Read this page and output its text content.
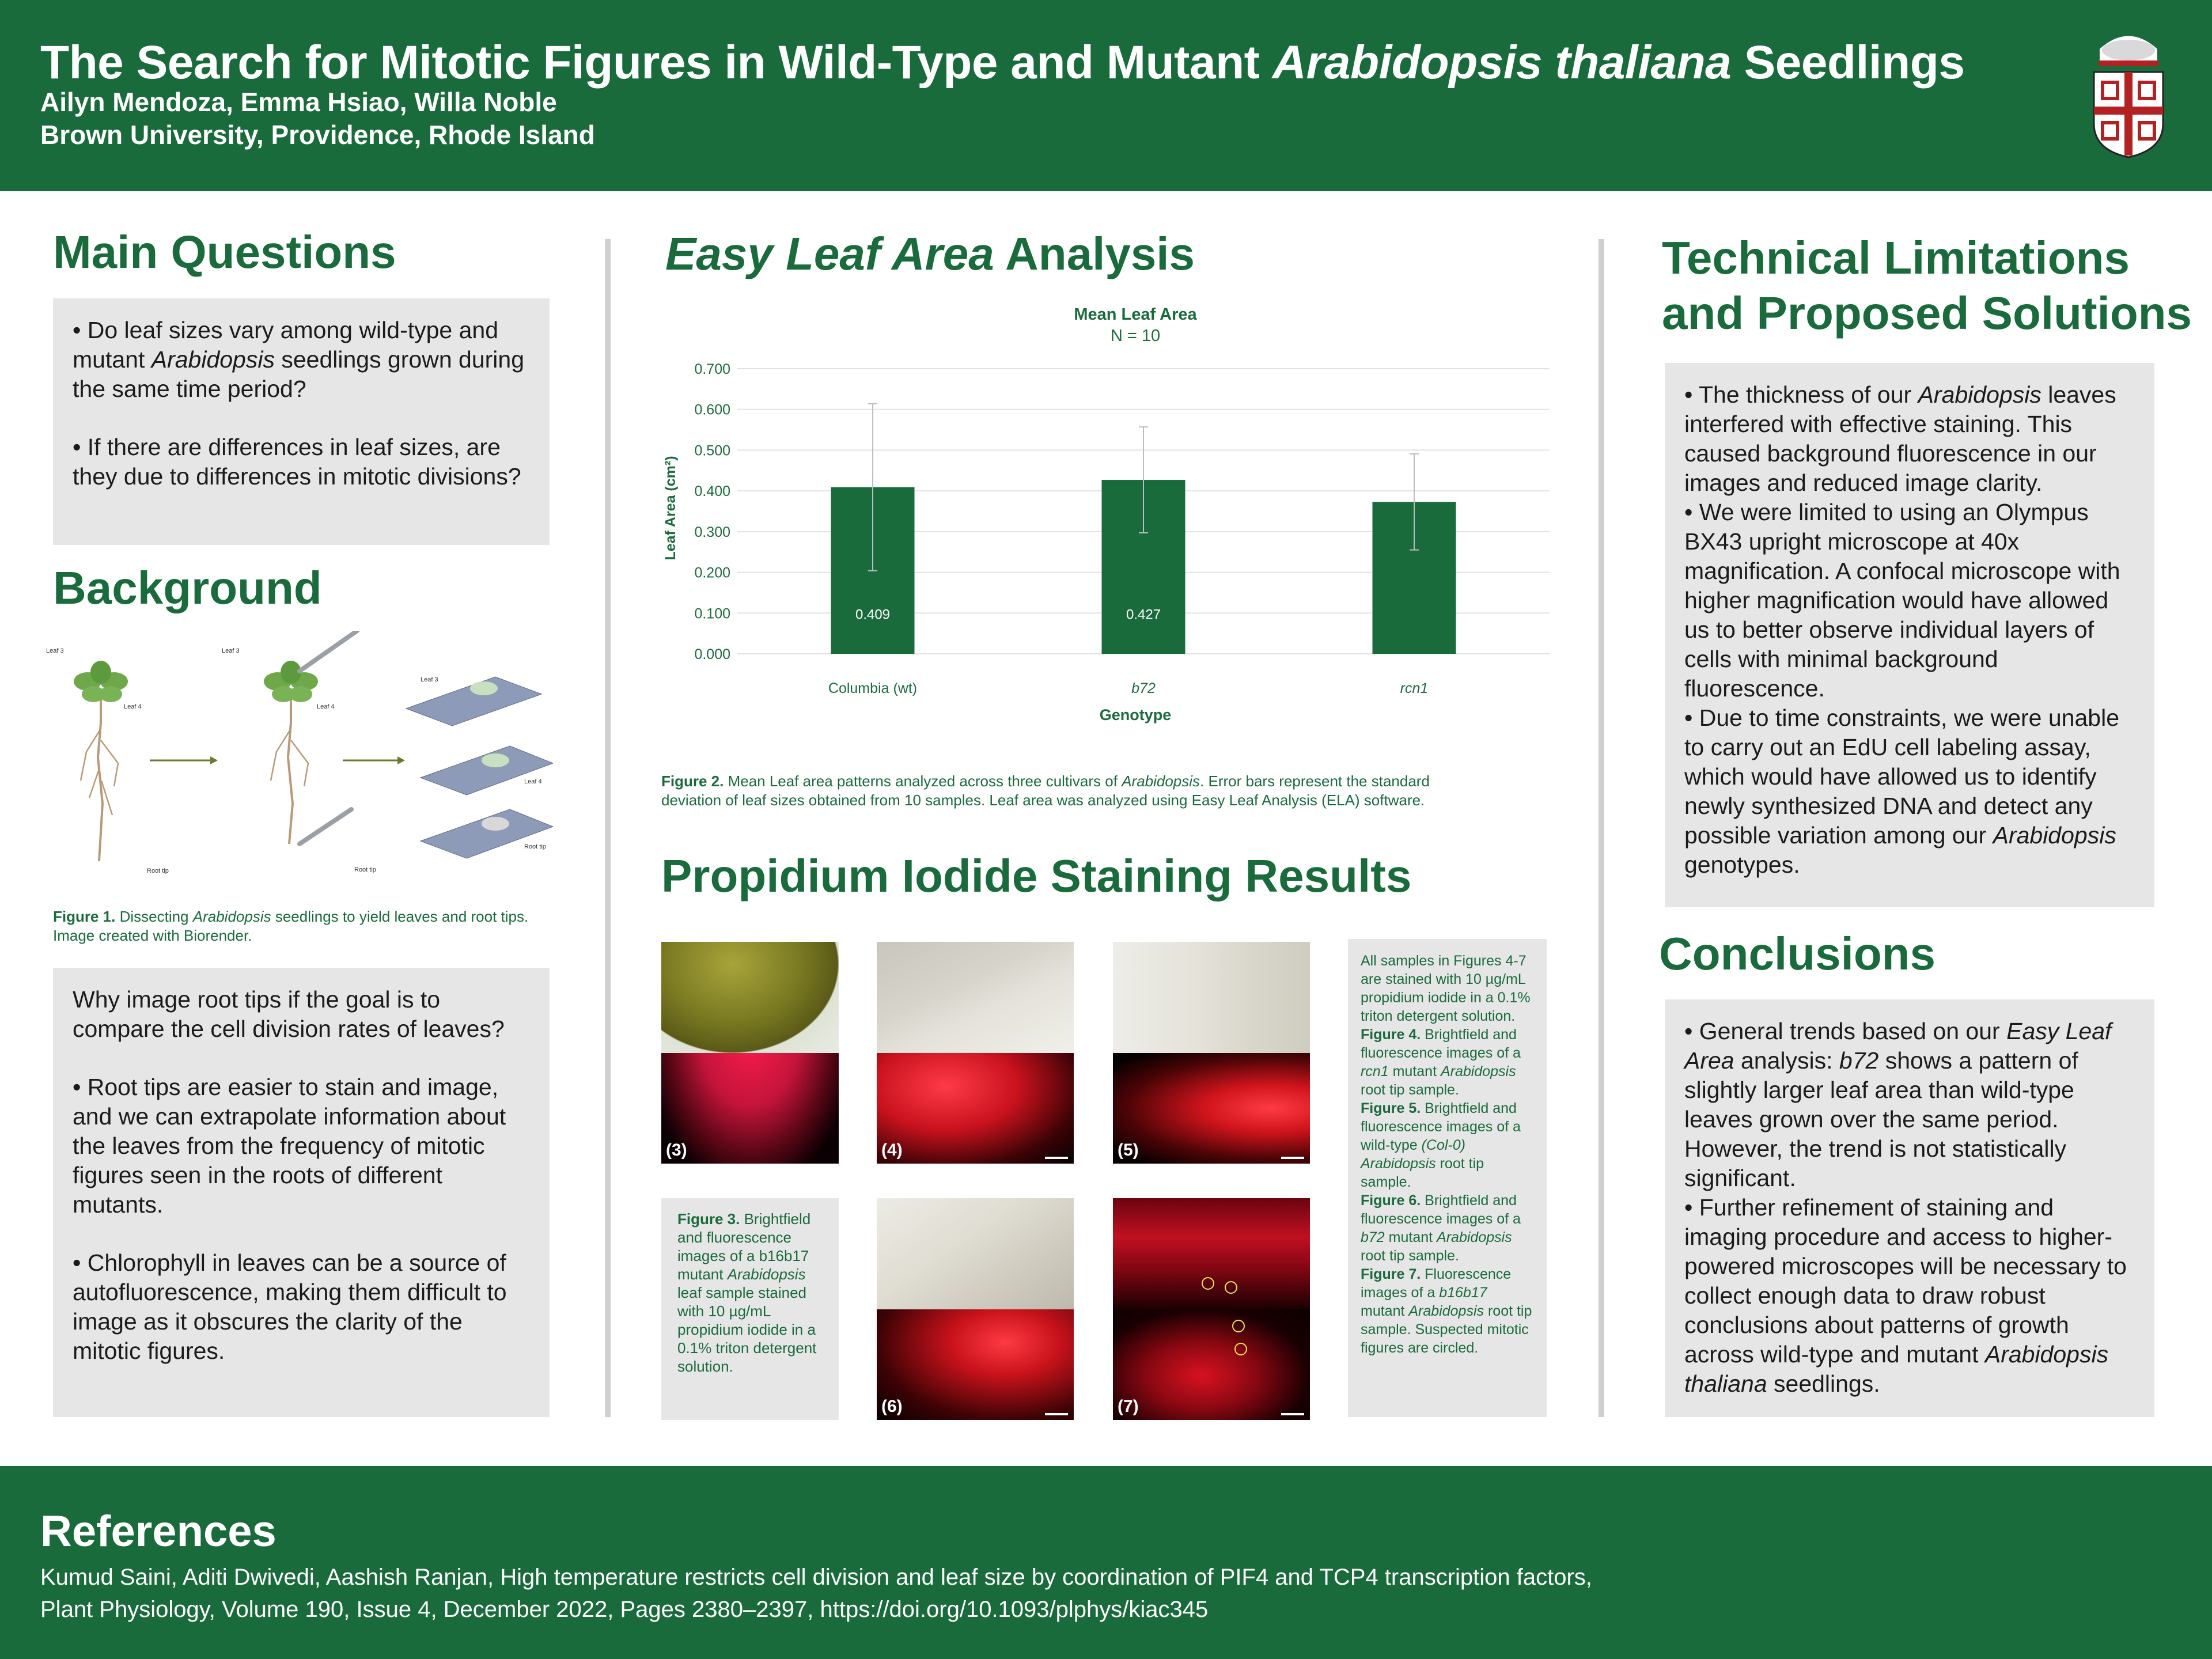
The Search for Mitotic Figures in Wild-Type and Mutant Arabidopsis thaliana Seedlings
Ailyn Mendoza, Emma Hsiao, Willa Noble
Brown University, Providence, Rhode Island
Main Questions

• Do leaf sizes vary among wild-type and mutant Arabidopsis seedlings grown during the same time period?

• If there are differences in leaf sizes, are they due to differences in mitotic divisions?

Background
Leaf 3
Leaf 4
Root tip
Leaf 3
Leaf 4
Root tip
Leaf 3
Leaf 4
Root tip
Figure 1. Dissecting Arabidopsis seedlings to yield leaves and root tips. Image created with Biorender.

Why image root tips if the goal is to compare the cell division rates of leaves?

• Root tips are easier to stain and image, and we can extrapolate information about the leaves from the frequency of mitotic figures seen in the roots of different mutants.

• Chlorophyll in leaves can be a source of autofluorescence, making them difficult to image as it obscures the clarity of the mitotic figures.

Easy Leaf Area Analysis
Mean Leaf Area
N = 10
Genotype
Leaf Area (cm²)
0.000
0.100
0.200
0.300
0.400
0.500
0.600
0.700
0.409
Columbia (wt)
0.427
b72	rcn1
Figure 2. Mean Leaf area patterns analyzed across three cultivars of Arabidopsis. Error bars represent the standard deviation of leaf sizes obtained from 10 samples. Leaf area was analyzed using Easy Leaf Analysis (ELA) software.
Propidium Iodide Staining Results
(3)	(4)	(5)
(6)	(7)
Figure 3. Brightfield and fluorescence images of a b16b17 mutant Arabidopsis leaf sample stained with 10 µg/mL propidium iodide in a 0.1% triton detergent solution.

All samples in Figures 4-7 are stained with 10 µg/mL propidium iodide in a 0.1% triton detergent solution.

Figure 4. Brightfield and fluorescence images of a rcn1 mutant Arabidopsis root tip sample.

Figure 5. Brightfield and fluorescence images of a wild-type (Col-0) Arabidopsis root tip sample.

Figure 6. Brightfield and fluorescence images of a b72 mutant Arabidopsis root tip sample.

Figure 7. Fluorescence images of a b16b17 mutant Arabidopsis root tip sample. Suspected mitotic figures are circled.

Technical Limitations
and Proposed Solutions

• The thickness of our Arabidopsis leaves interfered with effective staining. This caused background fluorescence in our images and reduced image clarity.

• We were limited to using an Olympus BX43 upright microscope at 40x magnification. A confocal microscope with higher magnification would have allowed us to better observe individual layers of cells with minimal background fluorescence.

• Due to time constraints, we were unable to carry out an EdU cell labeling assay, which would have allowed us to identify newly synthesized DNA and detect any possible variation among our Arabidopsis genotypes.

Conclusions

• General trends based on our Easy Leaf Area analysis: b72 shows a pattern of slightly larger leaf area than wild-type leaves grown over the same period. However, the trend is not statistically significant.

• Further refinement of staining and imaging procedure and access to higher-powered microscopes will be necessary to collect enough data to draw robust conclusions about patterns of growth across wild-type and mutant Arabidopsis thaliana seedlings.

References
Kumud Saini, Aditi Dwivedi, Aashish Ranjan, High temperature restricts cell division and leaf size by coordination of PIF4 and TCP4 transcription factors,
Plant Physiology, Volume 190, Issue 4, December 2022, Pages 2380–2397, https://doi.org/10.1093/plphys/kiac345
